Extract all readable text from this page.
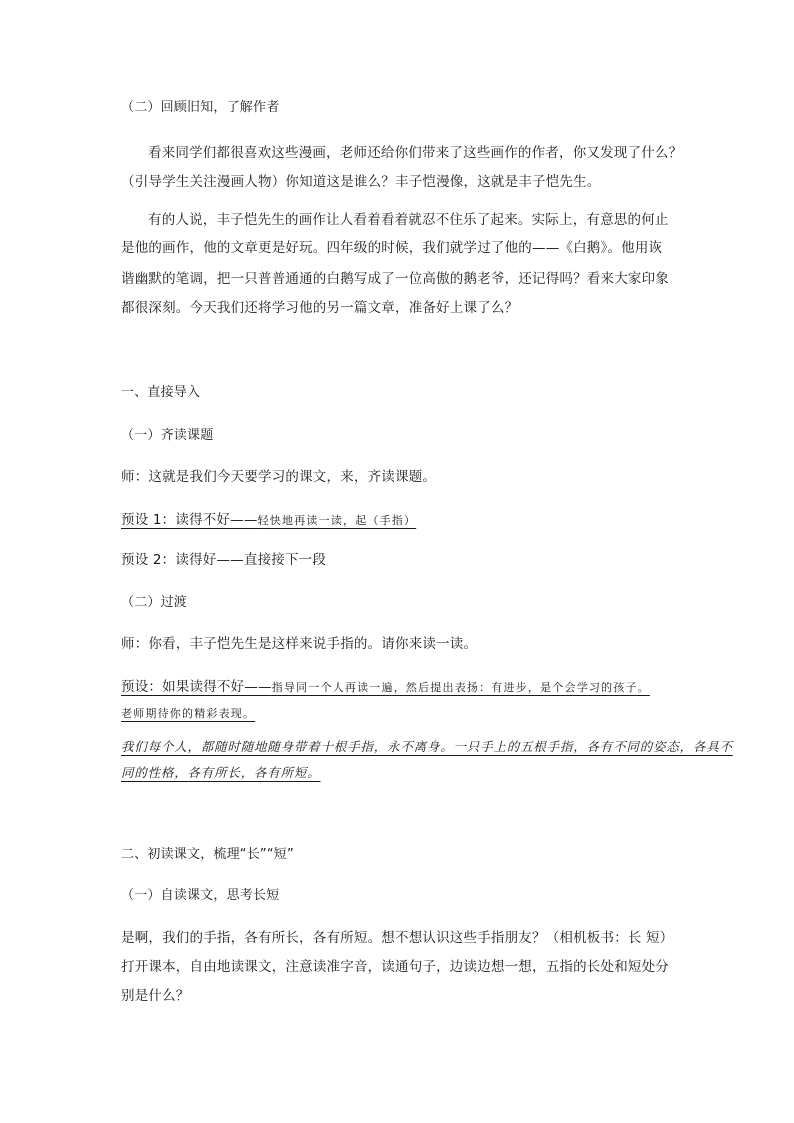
（二）回顾旧知，了解作者
看来同学们都很喜欢这些漫画，老师还给你们带来了这些画作的作者，你又发现了什么？
（引导学生关注漫画人物）你知道这是谁么？丰子恺漫像，这就是丰子恺先生。
有的人说，丰子恺先生的画作让人看着看着就忍不住乐了起来。实际上，有意思的何止
是他的画作，他的文章更是好玩。四年级的时候，我们就学过了他的——《白鹅》。他用诙
谐幽默的笔调，把一只普普通通的白鹅写成了一位高傲的鹅老爷，还记得吗？看来大家印象
都很深刻。今天我们还将学习他的另一篇文章，准备好上课了么？
一、直接导入
（一）齐读课题
师：这就是我们今天要学习的课文，来，齐读课题。
预设 1：读得不好——轻快地再读一读，起（手指）
预设 2：读得好——直接接下一段
（二）过渡
师：你看，丰子恺先生是这样来说手指的。请你来读一读。
预设：如果读得不好——指导同一个人再读一遍，然后提出表扬：有进步，是个会学习的孩子。
老师期待你的精彩表现。
我们每个人，都随时随地随身带着十根手指，永不离身。一只手上的五根手指，各有不同的姿态，各具不
同的性格，各有所长，各有所短。
二、初读课文，梳理“长”“短”
（一）自读课文，思考长短
是啊，我们的手指，各有所长，各有所短。想不想认识这些手指朋友？（相机板书：长 短）
打开课本，自由地读课文，注意读准字音，读通句子，边读边想一想，五指的长处和短处分
别是什么？
